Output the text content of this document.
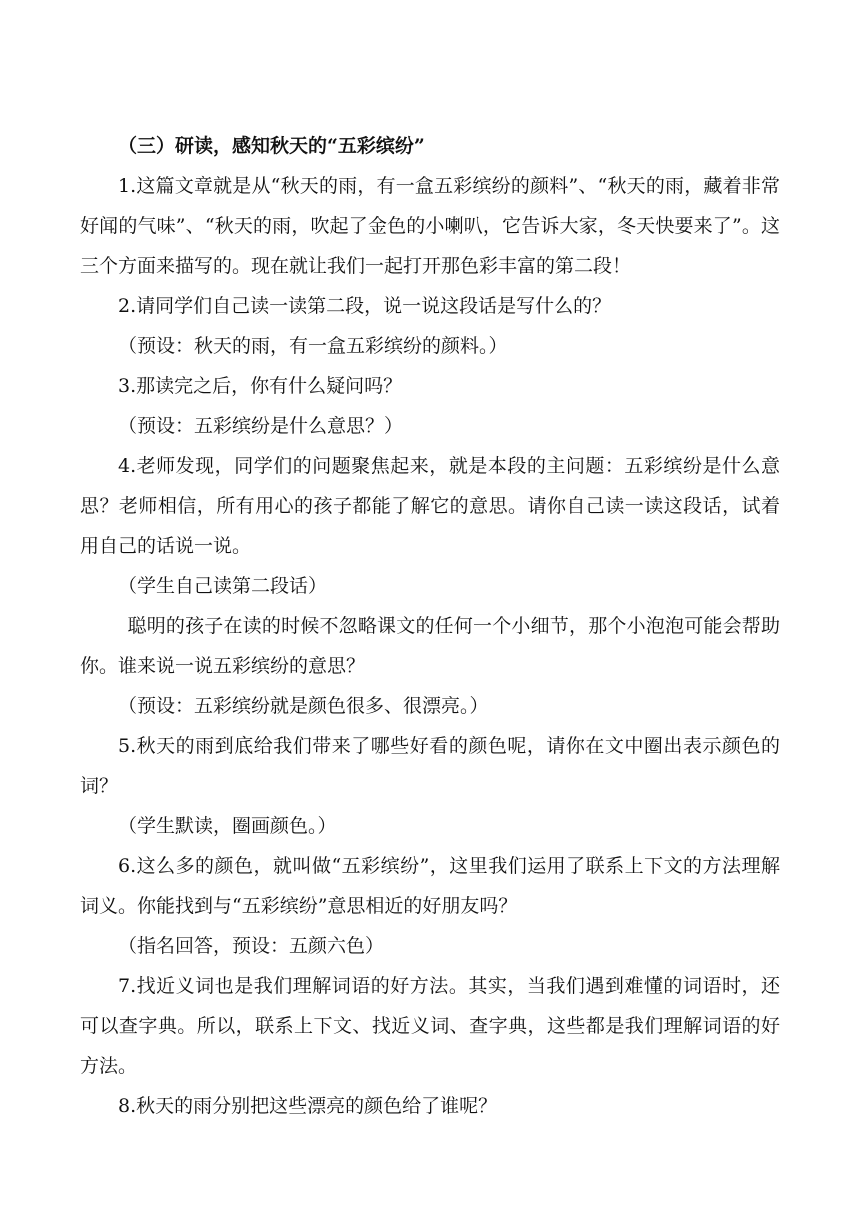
（三）研读，感知秋天的“五彩缤纷”

1.这篇文章就是从“秋天的雨，有一盒五彩缤纷的颜料”、“秋天的雨，藏着非常好闻的气味”、“秋天的雨，吹起了金色的小喇叭，它告诉大家，冬天快要来了”。这三个方面来描写的。现在就让我们一起打开那色彩丰富的第二段！

2.请同学们自己读一读第二段，说一说这段话是写什么的？

（预设：秋天的雨，有一盒五彩缤纷的颜料。）

3.那读完之后，你有什么疑问吗？

（预设：五彩缤纷是什么意思？）

4.老师发现，同学们的问题聚焦起来，就是本段的主问题：五彩缤纷是什么意思？老师相信，所有用心的孩子都能了解它的意思。请你自己读一读这段话，试着用自己的话说一说。

（学生自己读第二段话）

聪明的孩子在读的时候不忽略课文的任何一个小细节，那个小泡泡可能会帮助你。谁来说一说五彩缤纷的意思？

（预设：五彩缤纷就是颜色很多、很漂亮。）

5.秋天的雨到底给我们带来了哪些好看的颜色呢，请你在文中圈出表示颜色的词？

（学生默读，圈画颜色。）

6.这么多的颜色，就叫做“五彩缤纷”，这里我们运用了联系上下文的方法理解词义。你能找到与“五彩缤纷”意思相近的好朋友吗？

（指名回答，预设：五颜六色）

7.找近义词也是我们理解词语的好方法。其实，当我们遇到难懂的词语时，还可以查字典。所以，联系上下文、找近义词、查字典，这些都是我们理解词语的好方法。

8.秋天的雨分别把这些漂亮的颜色给了谁呢？
